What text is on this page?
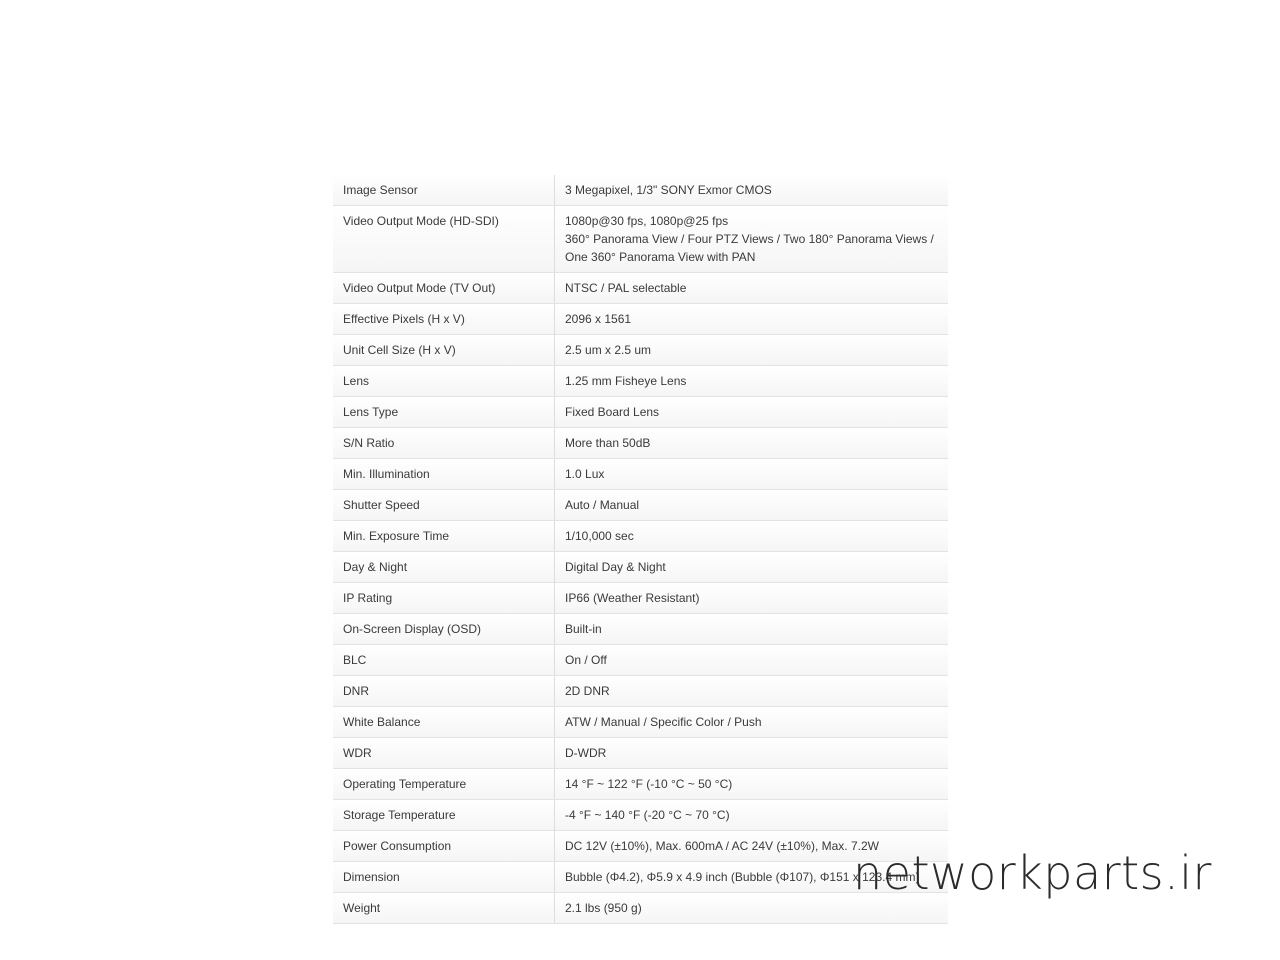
Image Sensor	3 Megapixel, 1/3" SONY Exmor CMOS

Video Output Mode (HD-SDI)	1080p@30 fps, 1080p@25 fps
360° Panorama View / Four PTZ Views / Two 180° Panorama Views /
One 360° Panorama View with PAN

Video Output Mode (TV Out)	NTSC / PAL selectable

Effective Pixels (H x V)	2096 x 1561

Unit Cell Size (H x V)	2.5 um x 2.5 um

Lens	1.25 mm Fisheye Lens

Lens Type	Fixed Board Lens

S/N Ratio	More than 50dB

Min. Illumination	1.0 Lux

Shutter Speed	Auto / Manual

Min. Exposure Time	1/10,000 sec

Day & Night	Digital Day & Night

IP Rating	IP66 (Weather Resistant)

On-Screen Display (OSD)	Built-in

BLC	On / Off

DNR	2D DNR

White Balance	ATW / Manual / Specific Color / Push

WDR	D-WDR

Operating Temperature	14 °F ~ 122 °F (-10 °C ~ 50 °C)

Storage Temperature	-4 °F ~ 140 °F (-20 °C ~ 70 °C)

Power Consumption	DC 12V (±10%), Max. 600mA / AC 24V (±10%), Max. 7.2W

Dimension	Bubble (Φ4.2), Φ5.9 x 4.9 inch (Bubble (Φ107), Φ151 x 123.4 mm)

Weight	2.1 lbs (950 g)
networkparts.ir
